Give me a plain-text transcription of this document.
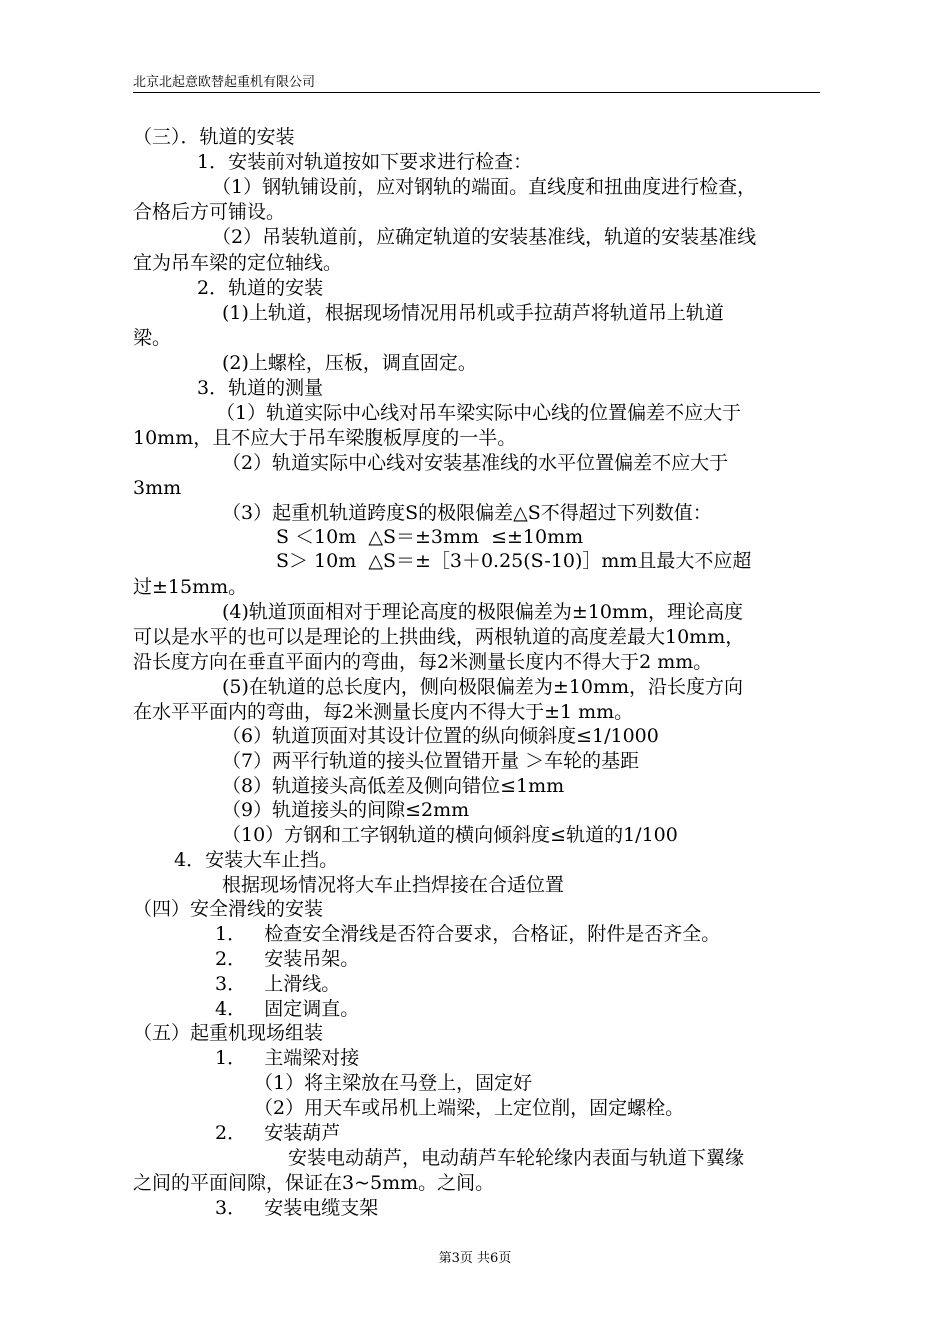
北京北起意欧替起重机有限公司
（三）．轨道的安装
1．安装前对轨道按如下要求进行检查：
（1）钢轨铺设前，应对钢轨的端面。直线度和扭曲度进行检查，
合格后方可铺设。
（2）吊装轨道前，应确定轨道的安装基准线，轨道的安装基准线
宜为吊车梁的定位轴线。
2．轨道的安装
(1)上轨道，根据现场情况用吊机或手拉葫芦将轨道吊上轨道
梁。
(2)上螺栓，压板，调直固定。
3．轨道的测量
（1）轨道实际中心线对吊车梁实际中心线的位置偏差不应大于
10mm，且不应大于吊车梁腹板厚度的一半。
（2）轨道实际中心线对安装基准线的水平位置偏差不应大于
3mm
（3）起重机轨道跨度S的极限偏差△S不得超过下列数值：
S ＜10m  △S＝±3mm  ≤±10mm
S＞ 10m  △S＝±［3＋0.25(S-10)］mm且最大不应超
过±15mm。
(4)轨道顶面相对于理论高度的极限偏差为±10mm，理论高度
可以是水平的也可以是理论的上拱曲线，两根轨道的高度差最大10mm，
沿长度方向在垂直平面内的弯曲，每2米测量长度内不得大于2 mm。
(5)在轨道的总长度内，侧向极限偏差为±10mm，沿长度方向
在水平平面内的弯曲，每2米测量长度内不得大于±1 mm。
（6）轨道顶面对其设计位置的纵向倾斜度≤1/1000
（7）两平行轨道的接头位置错开量 ＞车轮的基距
（8）轨道接头高低差及侧向错位≤1mm
（9）轨道接头的间隙≤2mm
（10）方钢和工字钢轨道的横向倾斜度≤轨道的1/100
4．安装大车止挡。
根据现场情况将大车止挡焊接在合适位置
（四）安全滑线的安装
1．   检查安全滑线是否符合要求，合格证，附件是否齐全。
2．   安装吊架。
3．   上滑线。
4．   固定调直。
（五）起重机现场组装
1．   主端梁对接
（1）将主梁放在马登上，固定好
（2）用天车或吊机上端梁，上定位削，固定螺栓。
2．   安装葫芦
安装电动葫芦，电动葫芦车轮轮缘内表面与轨道下翼缘
之间的平面间隙，保证在3~5mm。之间。
3．   安装电缆支架
第3页 共6页
